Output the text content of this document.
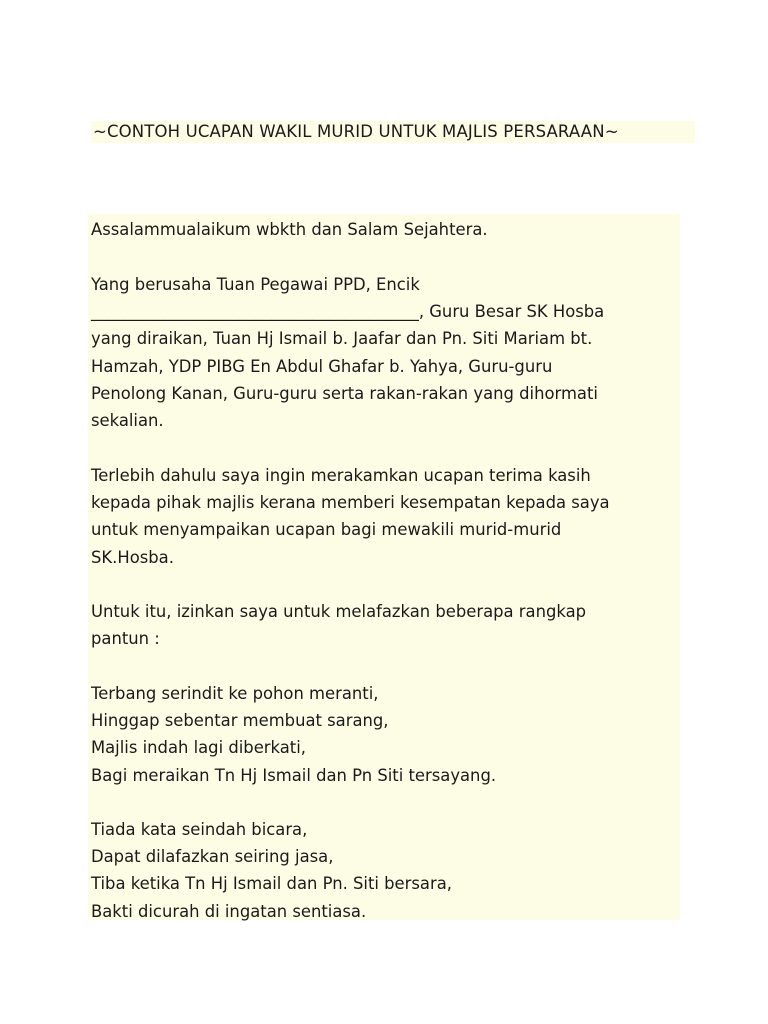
~CONTOH UCAPAN WAKIL MURID UNTUK MAJLIS PERSARAAN~

Assalammualaikum wbkth dan Salam Sejahtera.

Yang berusaha Tuan Pegawai PPD, Encik
________________________________________, Guru Besar SK Hosba
yang diraikan, Tuan Hj Ismail b. Jaafar dan Pn. Siti Mariam bt.
Hamzah, YDP PIBG En Abdul Ghafar b. Yahya, Guru-guru
Penolong Kanan, Guru-guru serta rakan-rakan yang dihormati
sekalian.

Terlebih dahulu saya ingin merakamkan ucapan terima kasih
kepada pihak majlis kerana memberi kesempatan kepada saya
untuk menyampaikan ucapan bagi mewakili murid-murid
SK.Hosba.

Untuk itu, izinkan saya untuk melafazkan beberapa rangkap
pantun :

Terbang serindit ke pohon meranti,
Hinggap sebentar membuat sarang,
Majlis indah lagi diberkati,
Bagi meraikan Tn Hj Ismail dan Pn Siti tersayang.

Tiada kata seindah bicara,
Dapat dilafazkan seiring jasa,
Tiba ketika Tn Hj Ismail dan Pn. Siti bersara,
Bakti dicurah di ingatan sentiasa.
